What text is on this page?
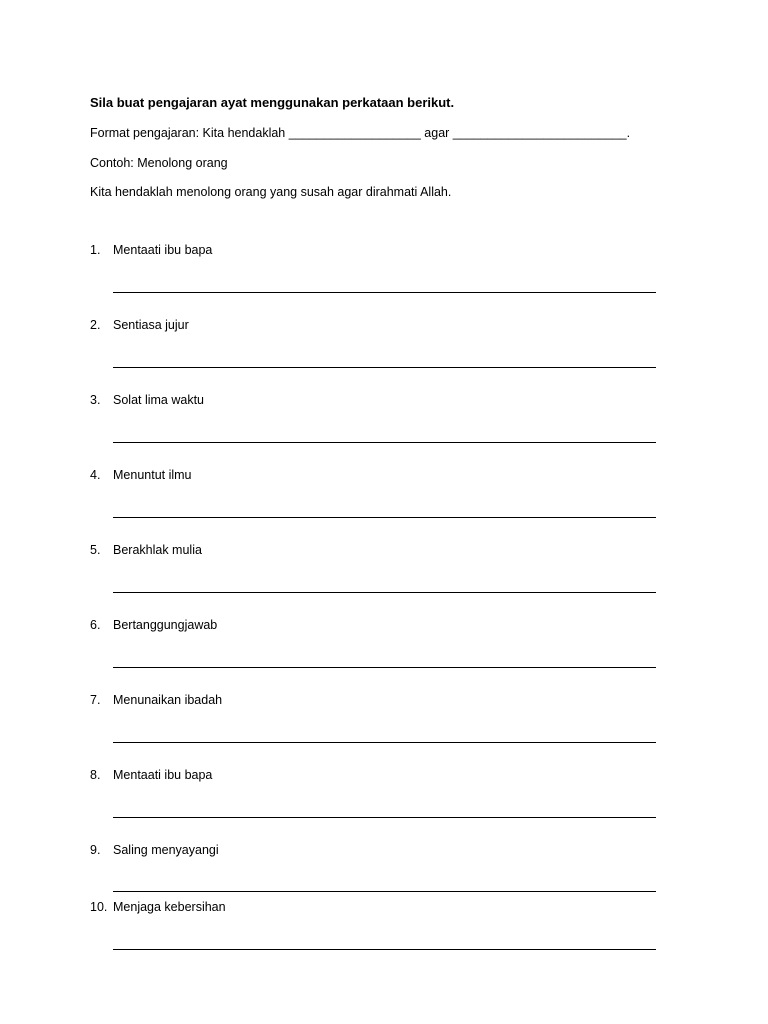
Sila buat pengajaran ayat menggunakan perkataan berikut.
Format pengajaran: Kita hendaklah ___________________ agar _________________________.
Contoh: Menolong orang
Kita hendaklah menolong orang yang susah agar dirahmati Allah.
1. Mentaati ibu bapa
2. Sentiasa jujur
3. Solat lima waktu
4. Menuntut ilmu
5. Berakhlak mulia
6. Bertanggungjawab
7. Menunaikan ibadah
8. Mentaati ibu bapa
9. Saling menyayangi
10. Menjaga kebersihan
